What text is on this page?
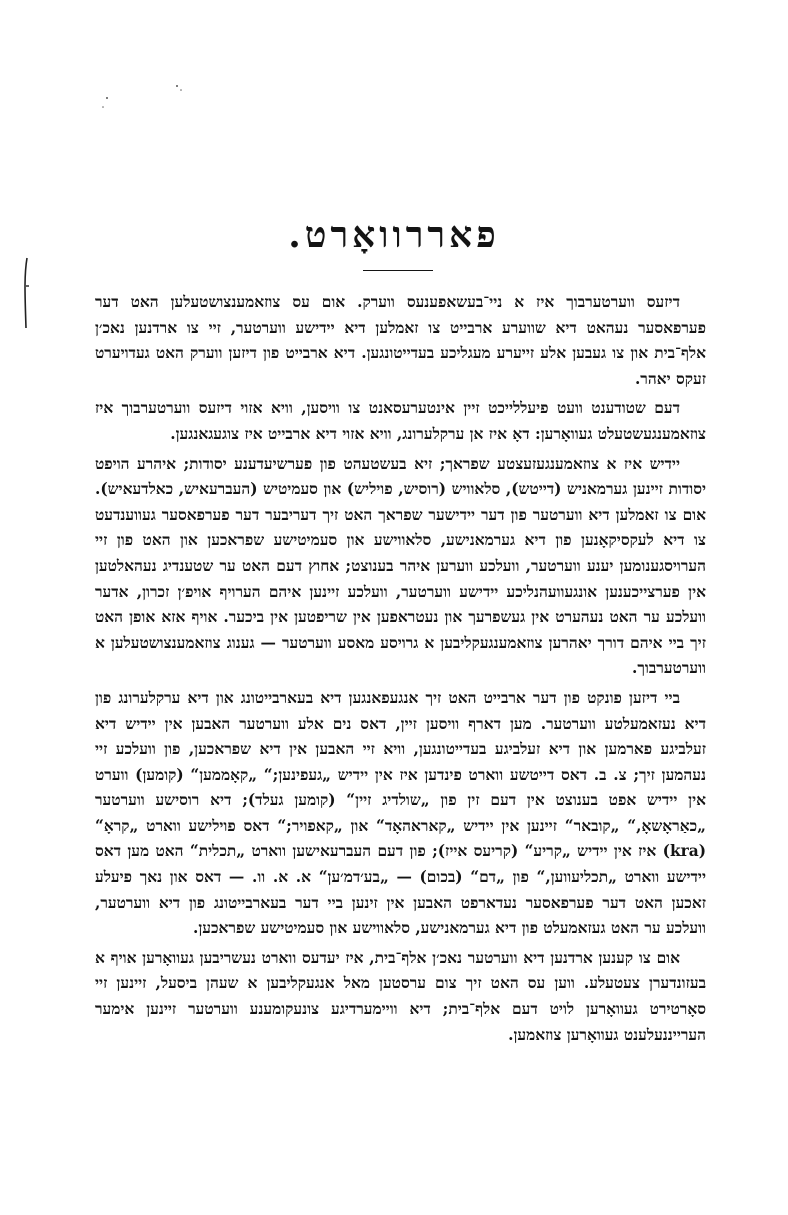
פאררוואָרט.

דיזעס ווערטערבוך איז א ניי־בעשאפענעס ווערק. אום עס צוזאמענצושטעלען האט דער פערפאסער נעהאט דיא שווערע ארבייט צו זאמלען דיא יידישע ווערטער, זיי צו ארדנען נאכ׳ן אלף־בית און צו געבען אלע זייערע מעגליכע בעדייטונגען. דיא ארבייט פון דיזען ווערק האט געדויערט זעקס יאהר.

דעם שטודענט וועט פיעללייכט זיין אינטערעסאנט צו וויסען, וויא אזוי דיזעס ווערטערבוך איז צוזאמענגעשטעלט געוואָרען: דאָ איז אן ערקלערונג, וויא אזוי דיא ארבייט איז צוגעגאנגען.

יידיש איז א צוזאמענגעזעצטע שפראך; זיא בעשטעהט פון פערשיעדענע יסודות; איהרע הויפט יסודות זיינען גערמאניש (דייטש), סלאוויש (רוסיש, פויליש) און סעמיטיש (העברעאיש, כאלדעאיש). אום צו זאמלען דיא ווערטער פון דער יידישער שפראך האט זיך דעריבער דער פערפאסער געווענדעט צו דיא לעקסיקאָנען פון דיא גערמאנישע, סלאווישע און סעמיטישע שפראכען און האט פון זיי הערויסגענומען יענע ווערטער, וועלכע ווערען איהר בענוצט; אחוץ דעם האט ער שטענדיג נעהאלטען אין פערצייכענען אונגעוועהנליכע יידישע ווערטער, וועלכע זיינען איהם הערויף אויפ׳ן זכרון, אדער וועלכע ער האט נעהערט אין געשפרעך און נעטראפען אין שריפטען אין ביכער. אויף אזא אופן האט זיך ביי איהם דורך יאהרען צוזאמענגעקליבען א גרויסע מאסע ווערטער — גענוג צוזאמענצושטעלען א ווערטערבוך.

ביי דיזען פונקט פון דער ארבייט האט זיך אנגעפאנגען דיא בעארבייטונג און דיא ערקלערונג פון דיא נעזאמעלטע ווערטער. מען דארף וויסען זיין, דאס נים אלע ווערטער האבען אין יידיש דיא זעלביגע פארמען און דיא זעלביגע בעדייטונגען, וויא זיי האבען אין דיא שפראכען, פון וועלכע זיי נעהמען זיך; צ. ב. דאס דייטשע ווארט פינדען איז אין יידיש „געפינען;“ „קאָממען“ (קומען) ווערט אין יידיש אפט בענוצט אין דעם זין פון „שולדיג זיין“ (קומען געלד); דיא רוסישע ווערטער „כאַראָשאָ,“ „קובאר“ זיינען אין יידיש „קאראהאָד“ און „קאפויר;“ דאס פוילישע ווארט „קראָ“ (kra) איז אין יידיש „קריע“ (קריעס אייז); פון דעם העברעאישען ווארט „תכלית“ האט מען דאס יידישע ווארט „תכליעווען,“ פון „דם“ (בכום) — „בע׳דמ׳ען“ א. א. וו. — דאס און נאך פיעלע זאכען האט דער פערפאסער נעדארפט האבען אין זינען ביי דער בעארבייטונג פון דיא ווערטער, וועלכע ער האט געזאמעלט פון דיא גערמאנישע, סלאווישע און סעמיטישע שפראכען.

אום צו קענען ארדנען דיא ווערטער נאכ׳ן אלף־בית, איז יעדעס ווארט נעשריבען געוואָרען אויף א בעזונדערן צעטעלע. ווען עס האט זיך צום ערסטען מאל אנגעקליבען א שעהן ביסעל, זיינען זיי סאָרטירט געוואָרען לויט דעם אלף־בית; דיא וויימערדיגע צונעקומענע ווערטער זיינען אימער הערייננעלענט געוואָרען צוזאמען.
